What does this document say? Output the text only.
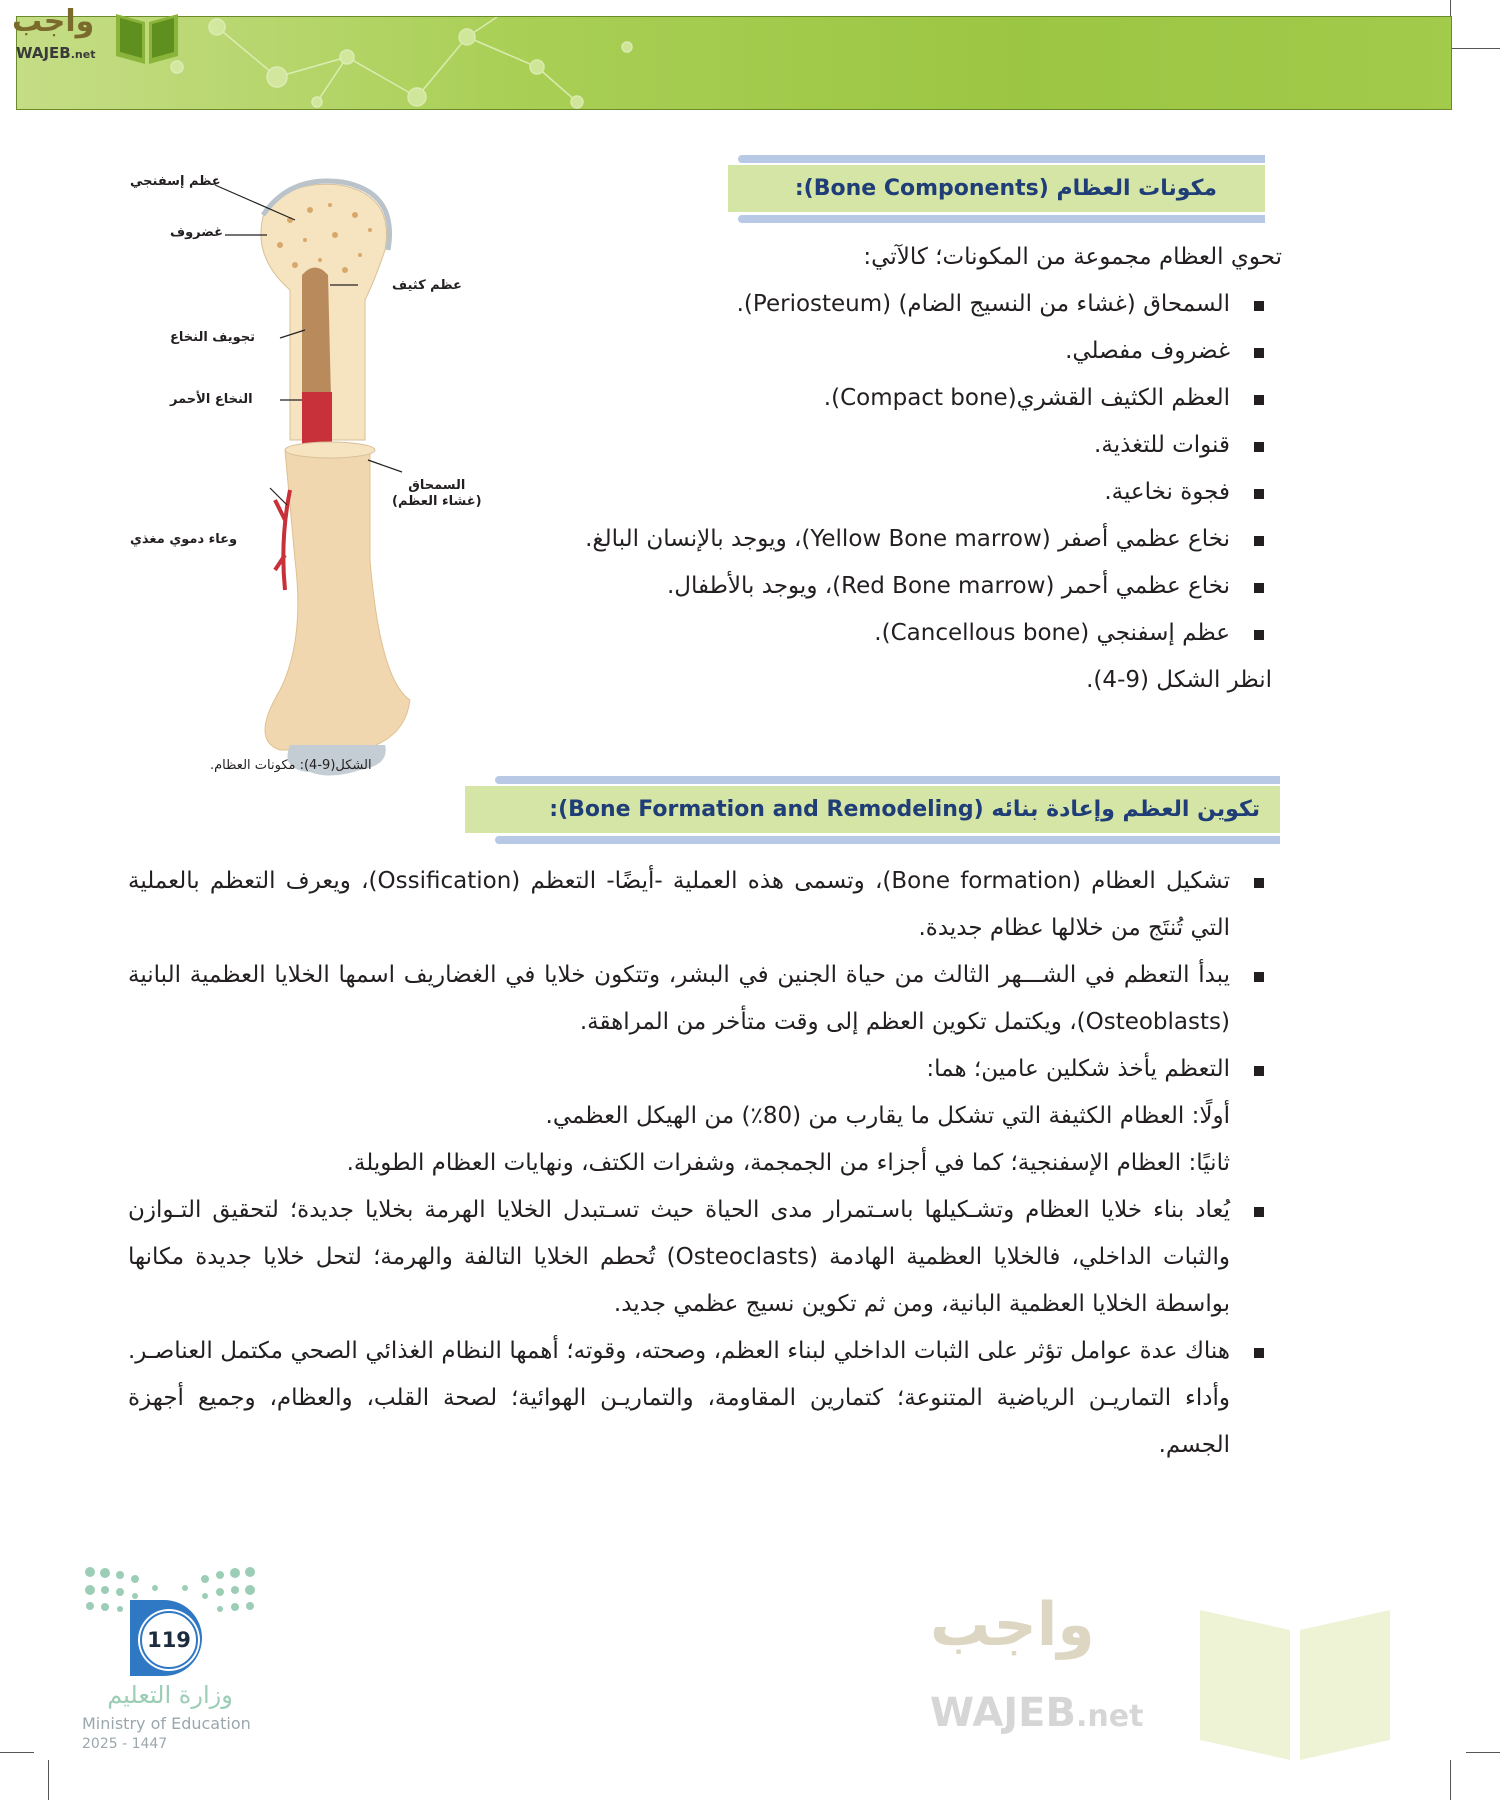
واجب
WAJEB.net
مكونات العظام (Bone Components):
تحوي العظام مجموعة من المكونات؛ كالآتي:
السمحاق (غشاء من النسيج الضام) (Periosteum).
غضروف مفصلي.
العظم الكثيف القشري(Compact bone).
قنوات للتغذية.
فجوة نخاعية.
نخاع عظمي أصفر (Yellow Bone marrow)، ويوجد بالإنسان البالغ.
نخاع عظمي أحمر (Red Bone marrow)، ويوجد بالأطفال.
عظم إسفنجي (Cancellous bone).
انظر الشكل (9-4).
عظم إسفنجي
غضروف
عظم كثيف
تجويف النخاع
النخاع الأحمر
السمحاق
(غشاء العظم)
وعاء دموي مغذي
الشكل(9-4): مكونات العظام.
تكوين العظم وإعادة بنائه (Bone Formation and Remodeling):
تشكيل العظام (Bone formation)، وتسمى هذه العملية -أيضًا- التعظم (Ossification)، ويعرف التعظم بالعملية التي تُنتَج من خلالها عظام جديدة.
يبدأ التعظم في الشـــهر الثالث من حياة الجنين في البشر، وتتكون خلايا في الغضاريف اسمها الخلايا العظمية البانية (Osteoblasts)، ويكتمل تكوين العظم إلى وقت متأخر من المراهقة.
التعظم يأخذ شكلين عامين؛ هما:
أولًا: العظام الكثيفة التي تشكل ما يقارب من (80٪) من الهيكل العظمي.
ثانيًا: العظام الإسفنجية؛ كما في أجزاء من الجمجمة، وشفرات الكتف، ونهايات العظام الطويلة.
يُعاد بناء خلايا العظام وتشـكيلها باسـتمرار مدى الحياة حيث تسـتبدل الخلايا الهرمة بخلايا جديدة؛ لتحقيق التـوازن والثبات الداخلي، فالخلايا العظمية الهادمة (Osteoclasts) تُحطم الخلايا التالفة والهرمة؛ لتحل خلايا جديدة مكانها بواسطة الخلايا العظمية البانية، ومن ثم تكوين نسيج عظمي جديد.
هناك عدة عوامل تؤثر على الثبات الداخلي لبناء العظم، وصحته، وقوته؛ أهمها النظام الغذائي الصحي مكتمل العناصـر. وأداء التماريـن الرياضية المتنوعة؛ كتمارين المقاومة، والتماريـن الهوائية؛ لصحة القلب، والعظام، وجميع أجهزة الجسم.
واجب
WAJEB.net
119
وزارة التعليم
Ministry of Education
2025 - 1447
